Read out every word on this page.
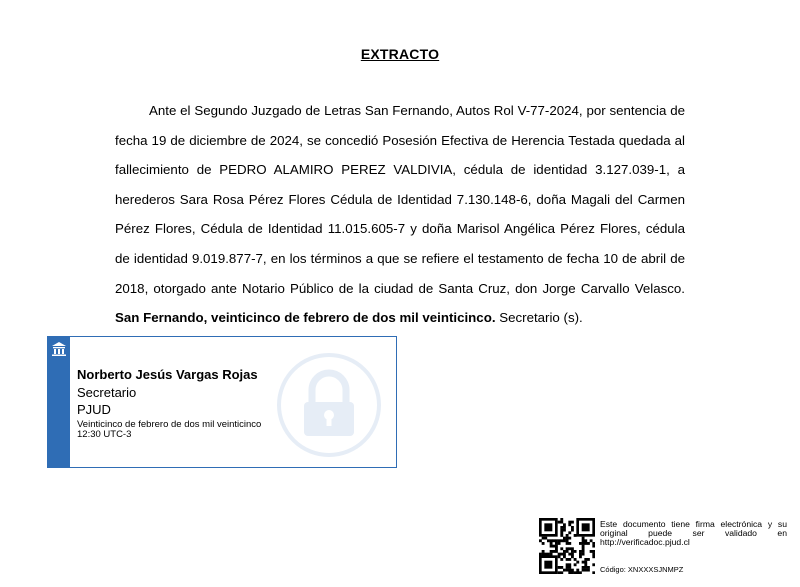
EXTRACTO
Ante el Segundo Juzgado de Letras San Fernando, Autos Rol V-77-2024, por sentencia de fecha 19 de diciembre de 2024, se concedió Posesión Efectiva de Herencia Testada quedada al fallecimiento de PEDRO ALAMIRO PEREZ VALDIVIA, cédula de identidad 3.127.039-1, a herederos Sara Rosa Pérez Flores Cédula de Identidad 7.130.148-6, doña Magali del Carmen Pérez Flores, Cédula de Identidad 11.015.605-7 y doña Marisol Angélica Pérez Flores, cédula de identidad 9.019.877-7, en los términos a que se refiere el testamento de fecha 10 de abril de 2018, otorgado ante Notario Público de la ciudad de Santa Cruz, don Jorge Carvallo Velasco. San Fernando, veinticinco de febrero de dos mil veinticinco. Secretario (s).
Norberto Jesús Vargas Rojas
Secretario
PJUD
Veinticinco de febrero de dos mil veinticinco
12:30 UTC-3
Este documento tiene firma electrónica y su original puede ser validado en http://verificadoc.pjud.cl
Código: XNXXXSJNMPZ
